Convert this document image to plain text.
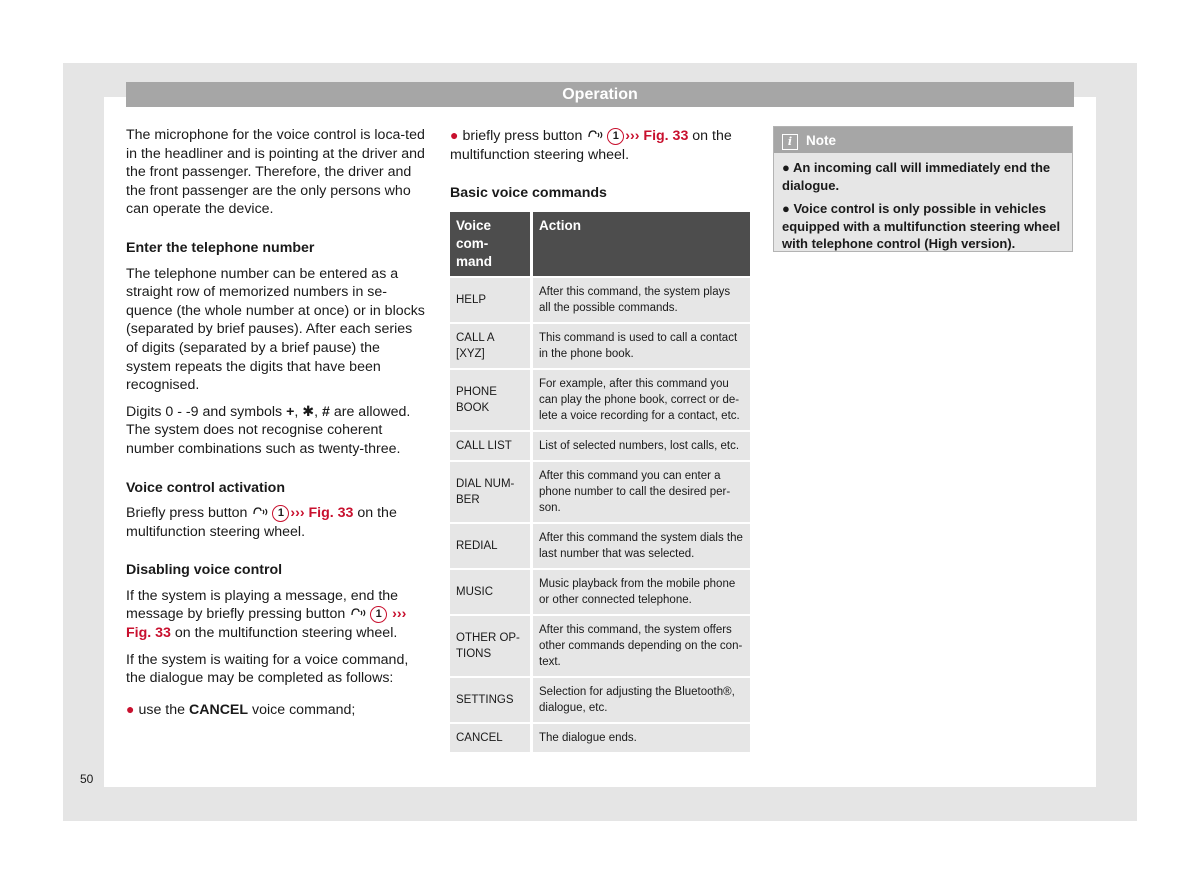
Operation

The microphone for the voice control is loca-ted in the headliner and is pointing at the driver and the front passenger. Therefore, the driver and the front passenger are the only persons who can operate the device.

Enter the telephone number

The telephone number can be entered as a straight row of memorized numbers in se-quence (the whole number at once) or in blocks (separated by brief pauses). After each series of digits (separated by a brief pause) the system repeats the digits that have been recognised.

Digits 0 - -9 and symbols +, ✱, # are allowed. The system does not recognise coherent number combinations such as twenty-three.

Voice control activation

Briefly press button 1 ››› Fig. 33 on the multifunction steering wheel.

Disabling voice control

If the system is playing a message, end the message by briefly pressing button 1 ››› Fig. 33 on the multifunction steering wheel.

If the system is waiting for a voice command, the dialogue may be completed as follows:

● use the CANCEL voice command;

● briefly press button 1 ››› Fig. 33 on the multifunction steering wheel.

Basic voice commands
Voice com-mand	Action
HELP	After this command, the system plays all the possible commands.
CALL A [XYZ]	This command is used to call a contact in the phone book.
PHONE BOOK	For example, after this command you can play the phone book, correct or de-lete a voice recording for a contact, etc.
CALL LIST	List of selected numbers, lost calls, etc.
DIAL NUM-BER	After this command you can enter a phone number to call the desired per-son.
REDIAL	After this command the system dials the last number that was selected.
MUSIC	Music playback from the mobile phone or other connected telephone.
OTHER OP-TIONS	After this command, the system offers other commands depending on the con-text.
SETTINGS	Selection for adjusting the Bluetooth®, dialogue, etc.
CANCEL	The dialogue ends.
i Note

● An incoming call will immediately end the dialogue.

● Voice control is only possible in vehicles equipped with a multifunction steering wheel with telephone control (High version).

50
